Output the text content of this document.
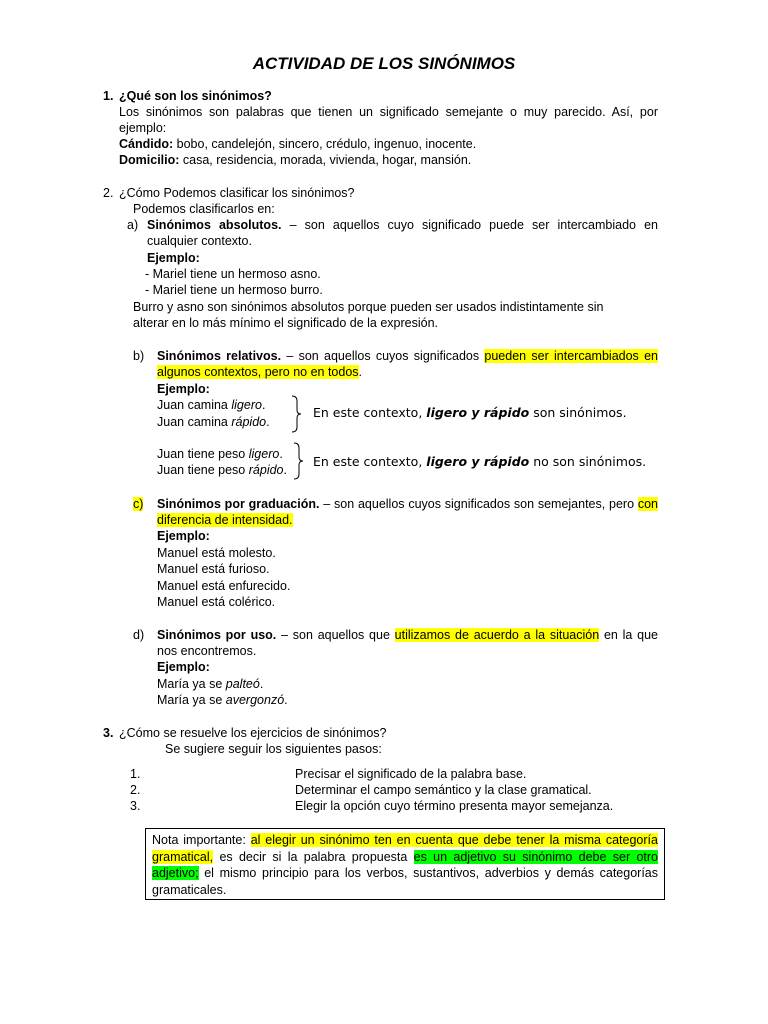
ACTIVIDAD DE LOS SINÓNIMOS
1. ¿Qué son los sinónimos?
Los sinónimos son palabras que tienen un significado semejante o muy parecido. Así, por
ejemplo:
Cándido: bobo, candelejón, sincero, crédulo, ingenuo, inocente.
Domicilio: casa, residencia, morada, vivienda, hogar, mansión.
2. ¿Cómo Podemos clasificar los sinónimos?
Podemos clasificarlos en:
a) Sinónimos absolutos. – son aquellos cuyo significado puede ser intercambiado en
cualquier contexto.
Ejemplo:
- Mariel tiene un hermoso asno.
- Mariel tiene un hermoso burro.
Burro y asno son sinónimos absolutos porque pueden ser usados indistintamente sin
alterar en lo más mínimo el significado de la expresión.
b) Sinónimos relativos. – son aquellos cuyos significados pueden ser intercambiados en
algunos contextos, pero no en todos.
Ejemplo:
Juan camina ligero.
Juan camina rápido.
En este contexto, ligero y rápido son sinónimos.
Juan tiene peso ligero.
Juan tiene peso rápido.
En este contexto, ligero y rápido no son sinónimos.
c) Sinónimos por graduación. – son aquellos cuyos significados son semejantes, pero con
diferencia de intensidad.
Ejemplo:
Manuel está molesto.
Manuel está furioso.
Manuel está enfurecido.
Manuel está colérico.
d) Sinónimos por uso. – son aquellos que utilizamos de acuerdo a la situación en la que
nos encontremos.
Ejemplo:
María ya se palteó.
María ya se avergonzó.
3. ¿Cómo se resuelve los ejercicios de sinónimos?
Se sugiere seguir los siguientes pasos:
1.	Precisar el significado de la palabra base.
2.	Determinar el campo semántico y la clase gramatical.
3.	Elegir la opción cuyo término presenta mayor semejanza.
Nota importante: al elegir un sinónimo ten en cuenta que debe tener la misma categoría gramatical, es decir si la palabra propuesta es un adjetivo su sinónimo debe ser otro adjetivo; el mismo principio para los verbos, sustantivos, adverbios y demás categorías gramaticales.
